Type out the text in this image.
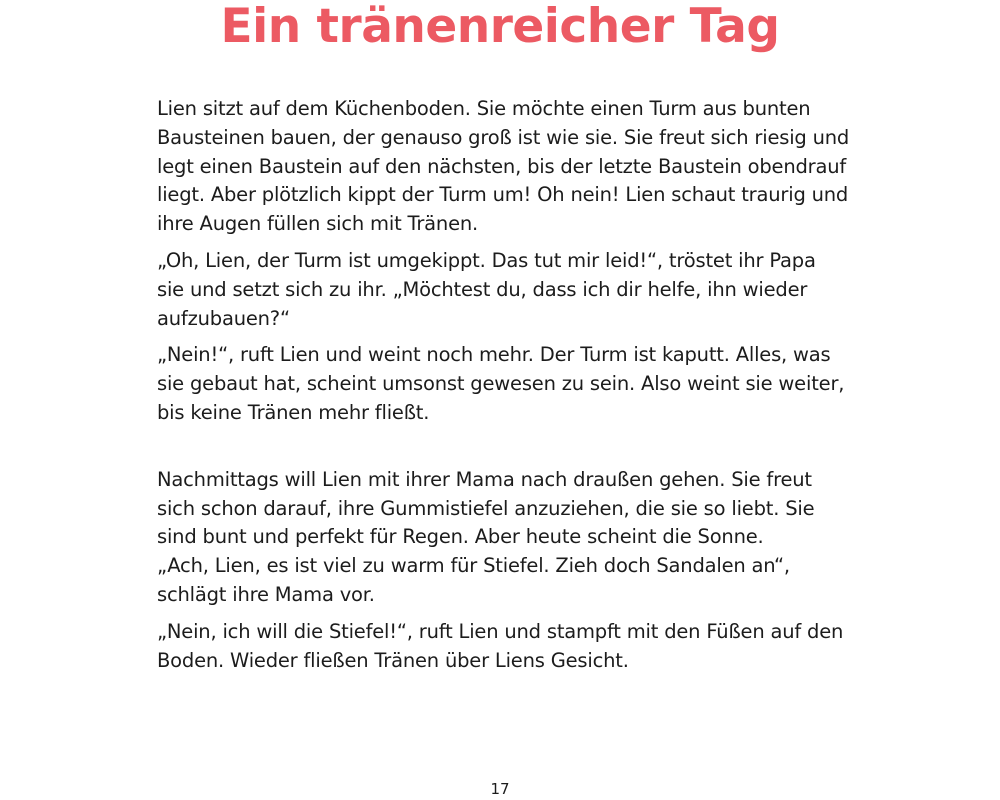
Ein tränenreicher Tag

Lien sitzt auf dem Küchenboden. Sie möchte einen Turm aus bunten
Bausteinen bauen, der genauso groß ist wie sie. Sie freut sich riesig und
legt einen Baustein auf den nächsten, bis der letzte Baustein obendrauf
liegt. Aber plötzlich kippt der Turm um! Oh nein! Lien schaut traurig und
ihre Augen füllen sich mit Tränen.

„Oh, Lien, der Turm ist umgekippt. Das tut mir leid!“, tröstet ihr Papa
sie und setzt sich zu ihr. „Möchtest du, dass ich dir helfe, ihn wieder
aufzubauen?“

„Nein!“, ruft Lien und weint noch mehr. Der Turm ist kaputt. Alles, was
sie gebaut hat, scheint umsonst gewesen zu sein. Also weint sie weiter,
bis keine Tränen mehr fließt.

Nachmittags will Lien mit ihrer Mama nach draußen gehen. Sie freut
sich schon darauf, ihre Gummistiefel anzuziehen, die sie so liebt. Sie
sind bunt und perfekt für Regen. Aber heute scheint die Sonne.
„Ach, Lien, es ist viel zu warm für Stiefel. Zieh doch Sandalen an“,
schlägt ihre Mama vor.

„Nein, ich will die Stiefel!“, ruft Lien und stampft mit den Füßen auf den
Boden. Wieder fließen Tränen über Liens Gesicht.

17
